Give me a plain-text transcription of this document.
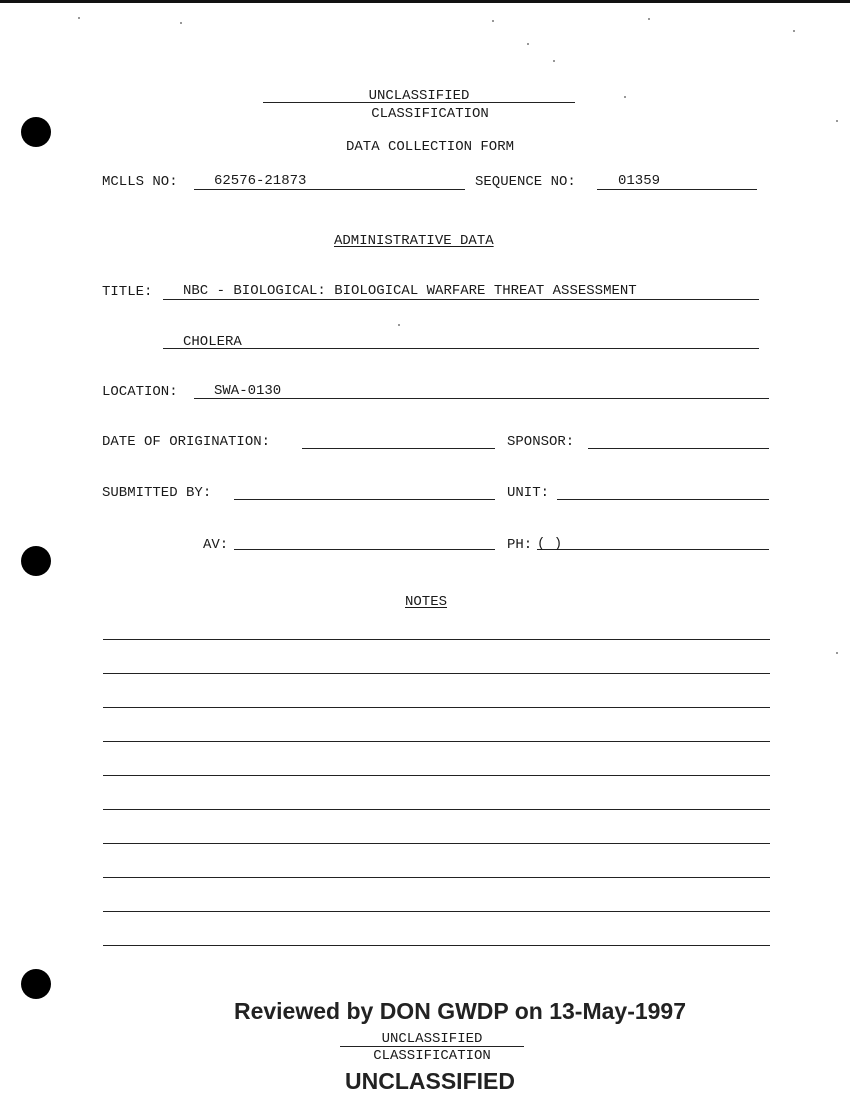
UNCLASSIFIED
CLASSIFICATION
DATA COLLECTION FORM
MCLLS NO:	62576-21873	SEQUENCE NO:	01359
ADMINISTRATIVE DATA
TITLE: NBC - BIOLOGICAL: BIOLOGICAL WARFARE THREAT ASSESSMENT
CHOLERA
LOCATION:	SWA-0130
DATE OF ORIGINATION:	SPONSOR:
SUBMITTED BY:	UNIT:
AV:	PH: ( )
NOTES
Reviewed by DON GWDP on 13-May-1997
UNCLASSIFIED
CLASSIFICATION
UNCLASSIFIED
